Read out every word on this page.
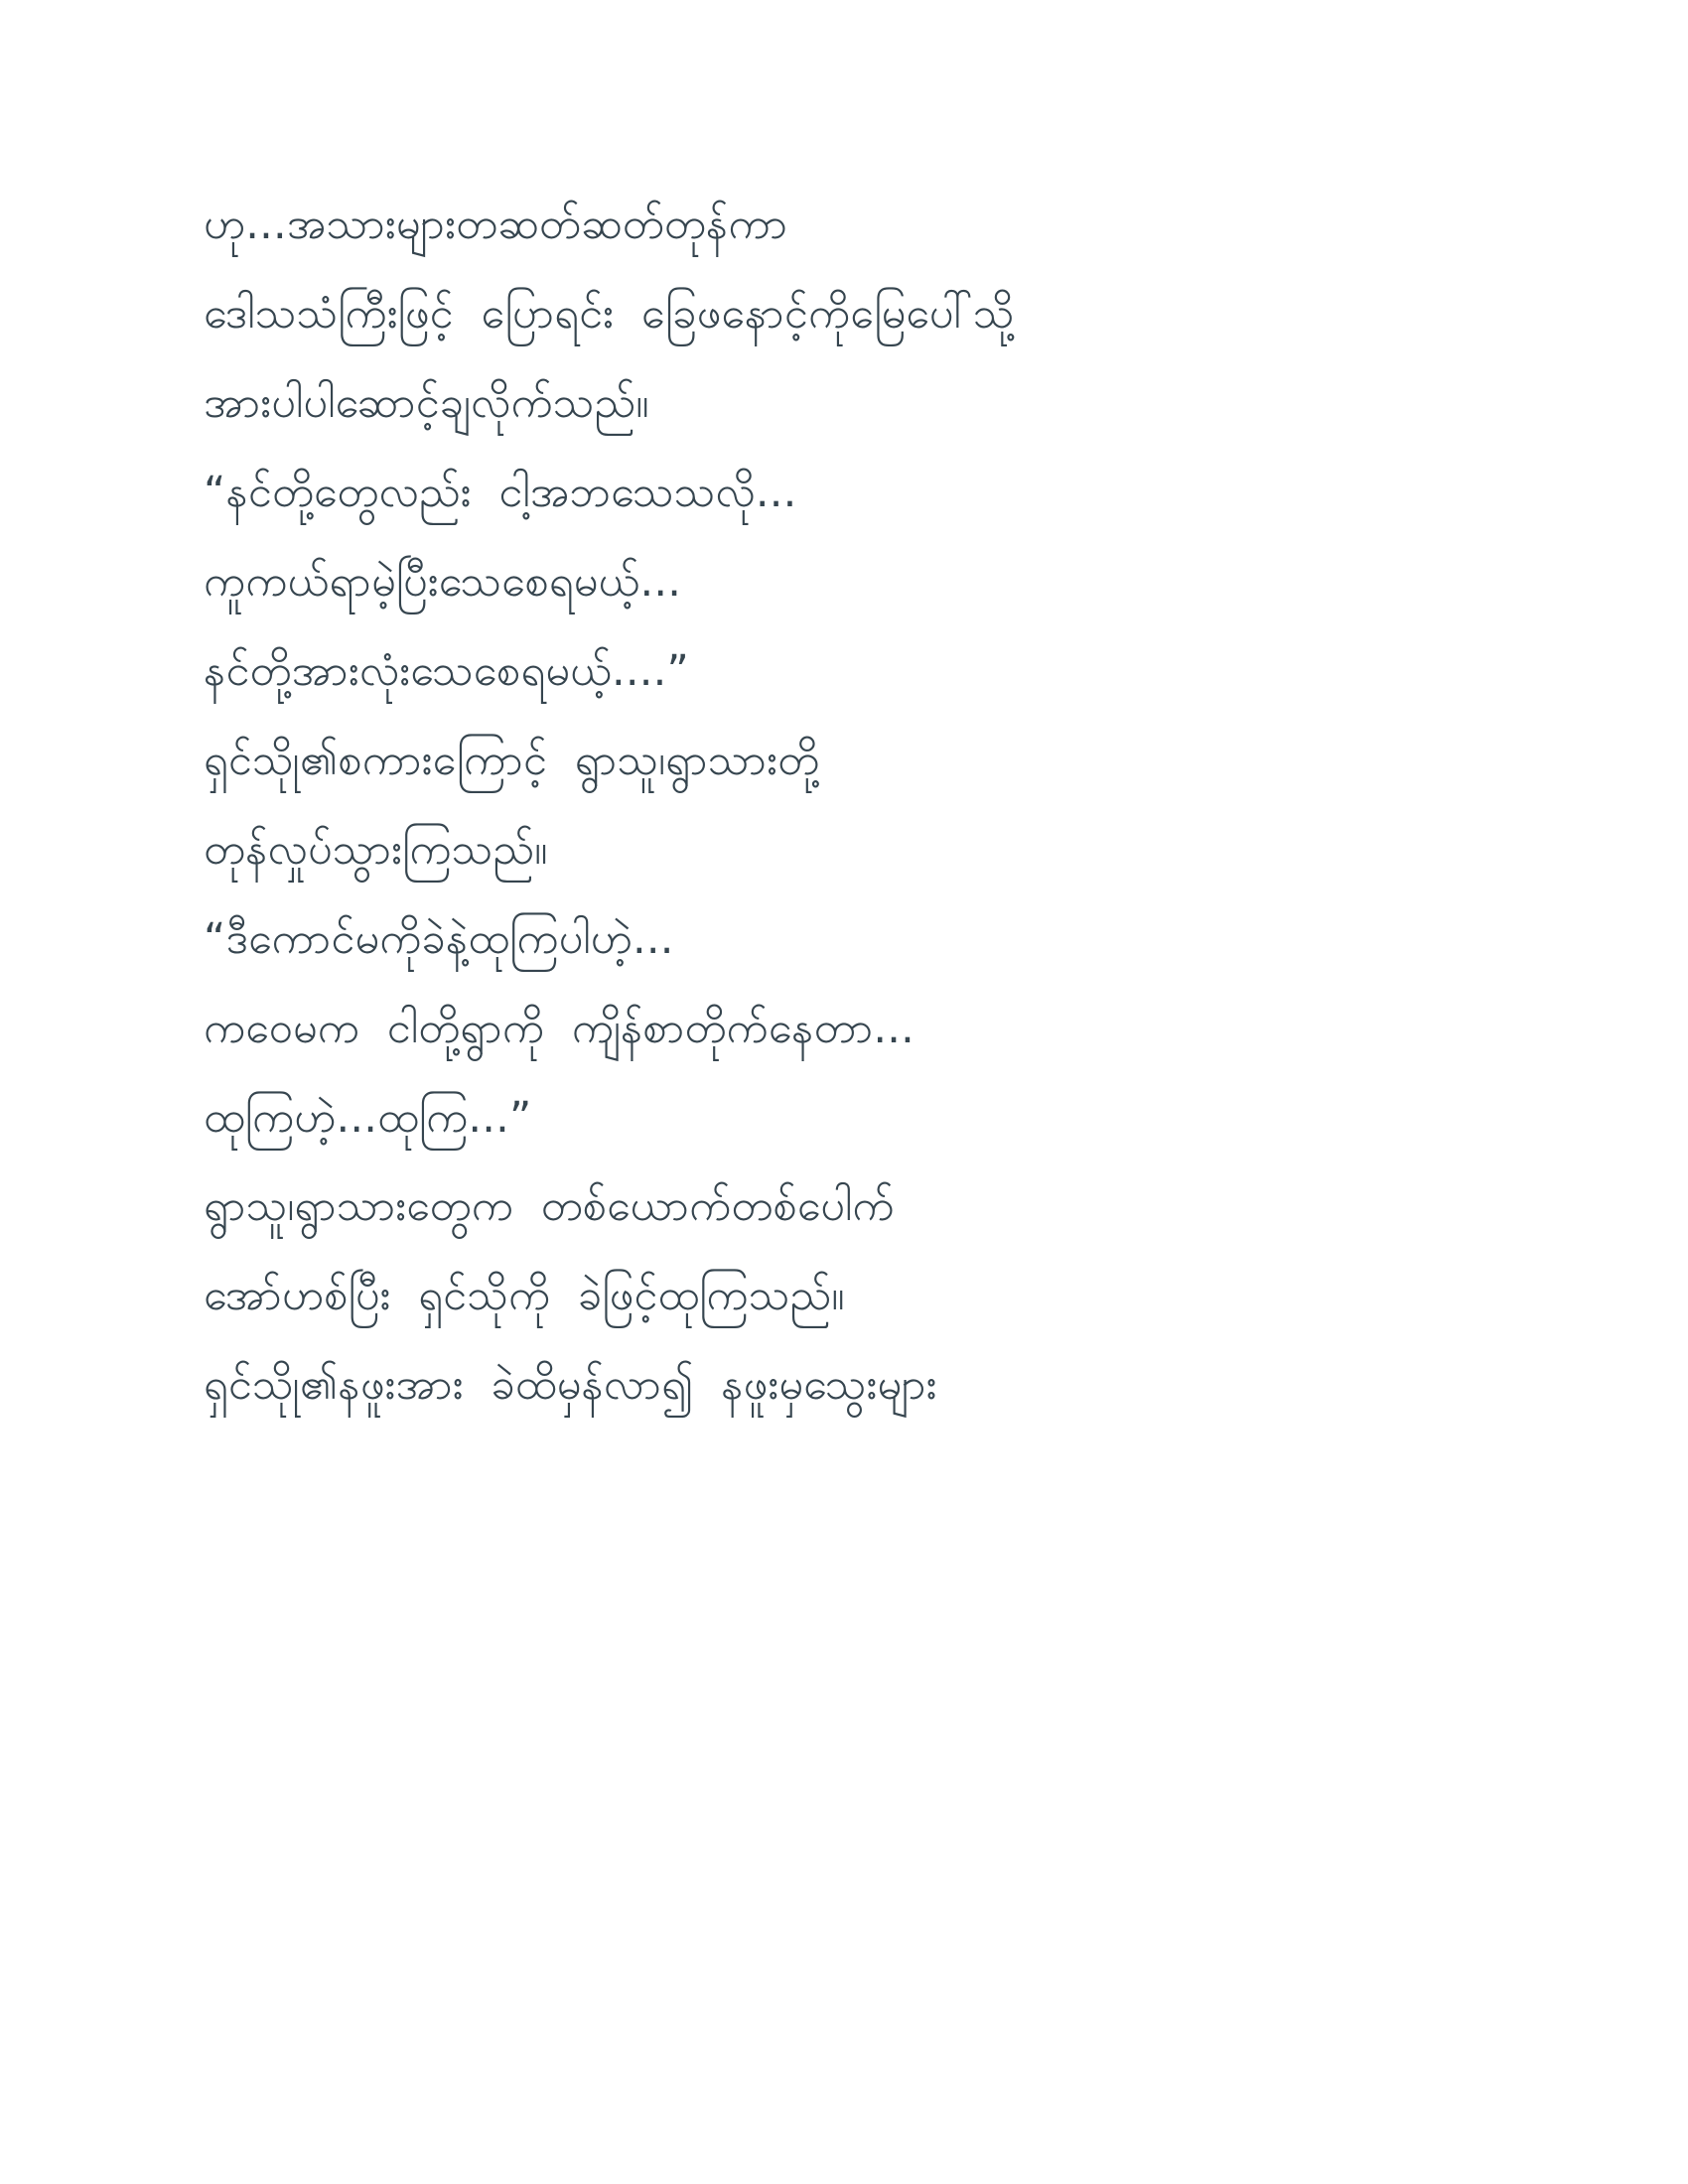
ဟု...အသားများတဆတ်ဆတ်တုန်ကာ
ဒေါသသံကြီးဖြင့်  ပြောရင်း  ခြေဖနောင့်ကိုမြေပေါ်သို့
အားပါပါဆောင့်ချလိုက်သည်။
“နင်တို့တွေလည်း  ငါ့အဘသေသလို...
ကူကယ်ရာမဲ့ပြီးသေစေရမယ့်...
နင်တို့အားလုံးသေစေရမယ့်....”
ရှင်သိုု၏စကားကြောင့်  ရွာသူ၊ရွာသားတို့
တုန်လှုပ်သွားကြသည်။
“ဒီကောင်မကိုခဲနဲ့ထုကြပါဟဲ့...
ကဝေမက  ငါတို့ရွာကို  ကျိန်စာတိုက်နေတာ...
ထုကြဟဲ့...ထုကြ...”
ရွာသူ၊ရွာသားတွေက  တစ်ယောက်တစ်ပေါက်
အော်ဟစ်ပြီး  ရှင်သိုကို  ခဲဖြင့်ထုကြသည်။
ရှင်သိုု၏နဖူးအား  ခဲထိမှန်လာ၍  နဖူးမှသွေးများ
